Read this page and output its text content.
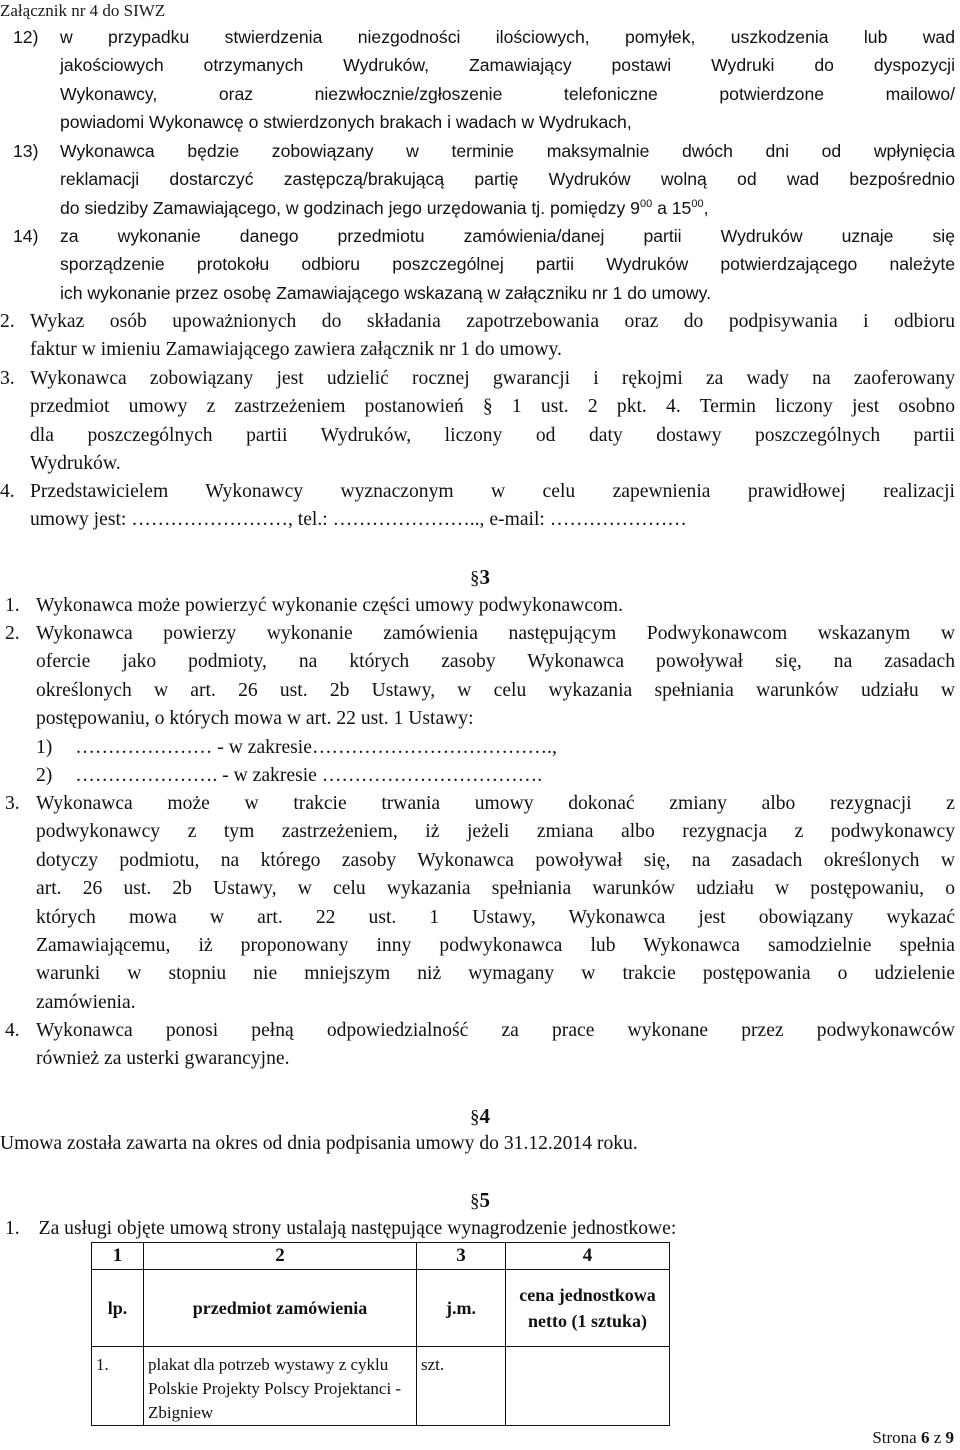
Załącznik nr 4 do SIWZ
12) w przypadku stwierdzenia niezgodności ilościowych, pomyłek, uszkodzenia lub wad
jakościowych otrzymanych Wydruków, Zamawiający postawi Wydruki do dyspozycji
Wykonawcy, oraz niezwłocznie/zgłoszenie telefoniczne potwierdzone mailowo/
powiadomi Wykonawcę o stwierdzonych brakach i wadach w Wydrukach,
13) Wykonawca będzie zobowiązany w terminie maksymalnie dwóch dni od wpłynięcia
reklamacji dostarczyć zastępczą/brakującą partię Wydruków wolną od wad bezpośrednio
do siedziby Zamawiającego, w godzinach jego urzędowania tj. pomiędzy $9^{00}$ a $15^{00}$,
14) za wykonanie danego przedmiotu zamówienia/danej partii Wydruków uznaje się
sporządzenie protokołu odbioru poszczególnej partii Wydruków potwierdzającego należyte
ich wykonanie przez osobę Zamawiającego wskazaną w załączniku nr 1 do umowy.
2. Wykaz osób upoważnionych do składania zapotrzebowania oraz do podpisywania i odbioru
faktur w imieniu Zamawiającego zawiera załącznik nr 1 do umowy.
3. Wykonawca zobowiązany jest udzielić rocznej gwarancji i rękojmi za wady na zaoferowany
przedmiot umowy z zastrzeżeniem postanowień § 1 ust. 2 pkt. 4. Termin liczony jest osobno
dla poszczególnych partii Wydruków, liczony od daty dostawy poszczególnych partii
Wydruków.
4. Przedstawicielem Wykonawcy wyznaczonym w celu zapewnienia prawidłowej realizacji
umowy jest: ……………………, tel.: ………………….., e-mail: …………………
§3
1. Wykonawca może powierzyć wykonanie części umowy podwykonawcom.
2. Wykonawca powierzy wykonanie zamówienia następującym Podwykonawcom wskazanym w
ofercie jako podmioty, na których zasoby Wykonawca powoływał się, na zasadach
określonych w art. 26 ust. 2b Ustawy, w celu wykazania spełniania warunków udziału w
postępowaniu, o których mowa w art. 22 ust. 1 Ustawy:
1) ………………… - w zakresie……………………………….,
2) …………………. - w zakresie …………………………….
3. Wykonawca może w trakcie trwania umowy dokonać zmiany albo rezygnacji z
podwykonawcy z tym zastrzeżeniem, iż jeżeli zmiana albo rezygnacja z podwykonawcy
dotyczy podmiotu, na którego zasoby Wykonawca powoływał się, na zasadach określonych w
art. 26 ust. 2b Ustawy, w celu wykazania spełniania warunków udziału w postępowaniu, o
których mowa w art. 22 ust. 1 Ustawy, Wykonawca jest obowiązany wykazać
Zamawiającemu, iż proponowany inny podwykonawca lub Wykonawca samodzielnie spełnia
warunki w stopniu nie mniejszym niż wymagany w trakcie postępowania o udzielenie
zamówienia.
4. Wykonawca ponosi pełną odpowiedzialność za prace wykonane przez podwykonawców
również za usterki gwarancyjne.
§4
Umowa została zawarta na okres od dnia podpisania umowy do 31.12.2014 roku.
§5
1. Za usługi objęte umową strony ustalają następujące wynagrodzenie jednostkowe:
1	2	3	4
lp.	przedmiot zamówienia	j.m.	cena jednostkowa netto (1 sztuka)
1.	plakat dla potrzeb wystawy z cyklu Polskie Projekty Polscy Projektanci - Zbigniew	szt.	
Strona 6 z 9
